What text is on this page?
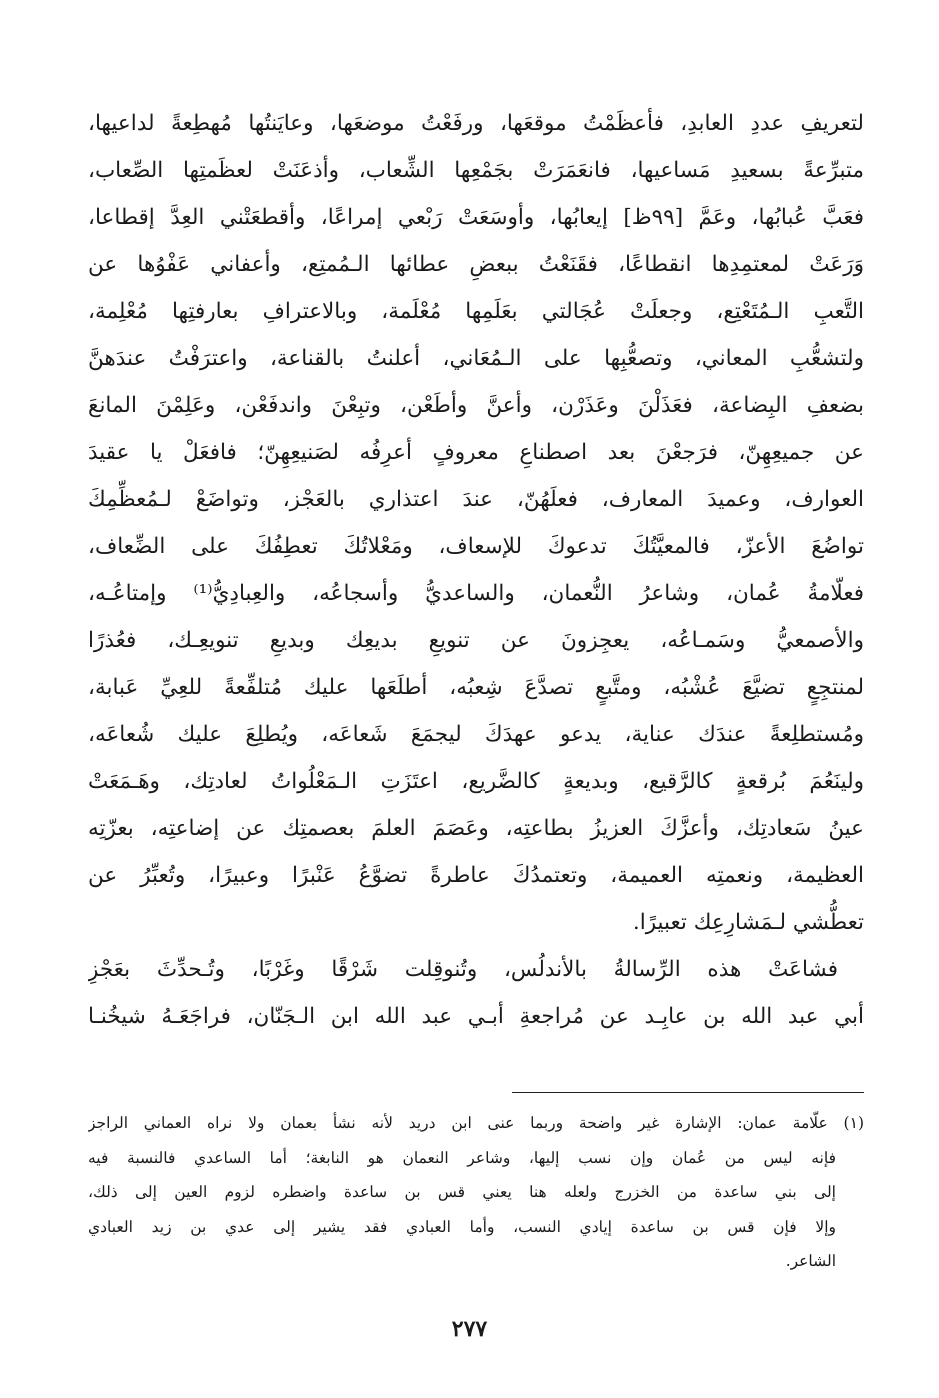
لتعريفِ عددِ العابدِ، فأعظَمْتُ موقعَها، ورفَعْتُ موضعَها، وعايَنتُها مُهطِعةً لداعيها،
متبرِّعةً بسعيدِ مَساعيها، فانعَمَرَتْ بجَمْعِها الشِّعاب، وأذعَنَتْ لعظَمتِها الصِّعاب،
فعَبَّ عُبابُها، وعَمَّ [٩٩ظ] إيعابُها، وأوسَعَتْ رَبْعي إمراعًا، وأقطعَتْني العِدَّ إقطاعا،
وَرَعَتْ لمعتمِدِها انقطاعًا، فقَنَعْتُ ببعضِ عطائها الـمُمتِع، وأعفاني عَفْوُها عن
التَّعبِ الـمُتَعْتِع، وجعلَتْ عُجَالتي بعَلَمِها مُعْلَمة، وبالاعترافِ بعارفتِها مُعْلِمة،
ولتشعُّبِ المعاني، وتصعُّبِها على الـمُعَاني، أعلنتُ بالقناعة، واعترَفْتُ عندَهنَّ
بضعفِ البِضاعة، فعَذَلْنَ وعَذَرْن، وأعنَّ وأطَعْن، وتبِعْنَ واندفَعْن، وعَلِمْنَ المانعَ
عن جميعِهِنّ، فرَجعْنَ بعد اصطناعِ معروفٍ أعرِفُه لصَنيعِهِنّ؛ فافعَلْ يا عقيدَ
العوارف، وعميدَ المعارف، فعلَهُنّ، عندَ اعتذاري بالعَجْز، وتواضَعْ لـمُعظِّمِكَ
تواضُعَ الأعزّ، فالمعيَّتُكَ تدعوكَ للإسعاف، ومَعْلاتُكَ تعطِفُكَ على الضِّعاف،
فعلّامةُ عُمان، وشاعرُ النُّعمان، والساعديُّ وأسجاعُه، والعِبادِيُّ⁽¹⁾ وإمتاعُـه،
والأصمعيُّ وسَمـاعُه، يعجِزونَ عن تنويعِ بديعِك وبديعِ تنويعِـك، فعُذرًا
لمنتجِعٍ تضيَّعَ عُشْبُه، ومتَّبعٍ تصدَّعَ شِعبُه، أطلَعَها عليك مُتلفِّعةً للعِيِّ عَبابة،
ومُستطلِعةً عندَك عناية، يدعو عهدَكَ ليجمَعَ شَعاعَه، ويُطلِعَ عليك شُعاعَه،
ولينَعُمَ بُرقعةٍ كالرَّقيع، وبديعةٍ كالضَّريع، اعتَزَتِ الـمَعْلُواتُ لعادتِك، وهَـمَعَتْ
عينُ سَعادتِك، وأعزَّكَ العزيزُ بطاعتِه، وعَصَمَ العلمَ بعصمتِك عن إضاعتِه، بعزّتِه
العظيمة، ونعمتِه العميمة، وتعتمدُكَ عاطرةً تضوَّعُ عَنْبرًا وعبيرًا، وتُعبِّرُ عن
تعطُّشي لـمَشارِعِك تعبيرًا.
فشاعَتْ هذه الرِّسالةُ بالأندلُس، وتُنوقِلت شَرْقًا وغَرْبًا، وتُـحدِّثَ بعَجْزِ
أبي عبد الله بن عابِـد عن مُراجعةِ أبـي عبد الله ابن الـجَنّان، فراجَعَـهُ شيخُنـا
(١) علّامة عمان: الإشارة غير واضحة وربما عنى ابن دريد لأنه نشأ بعمان ولا نراه العماني الراجز
فإنه ليس من عُمان وإن نسب إليها، وشاعر النعمان هو النابغة؛ أما الساعدي فالنسبة فيه
إلى بني ساعدة من الخزرج ولعله هنا يعني قس بن ساعدة واضطره لزوم العين إلى ذلك،
وإلا فإن قس بن ساعدة إيادي النسب، وأما العبادي فقد يشير إلى عدي بن زيد العبادي
الشاعر.
٢٧٧
